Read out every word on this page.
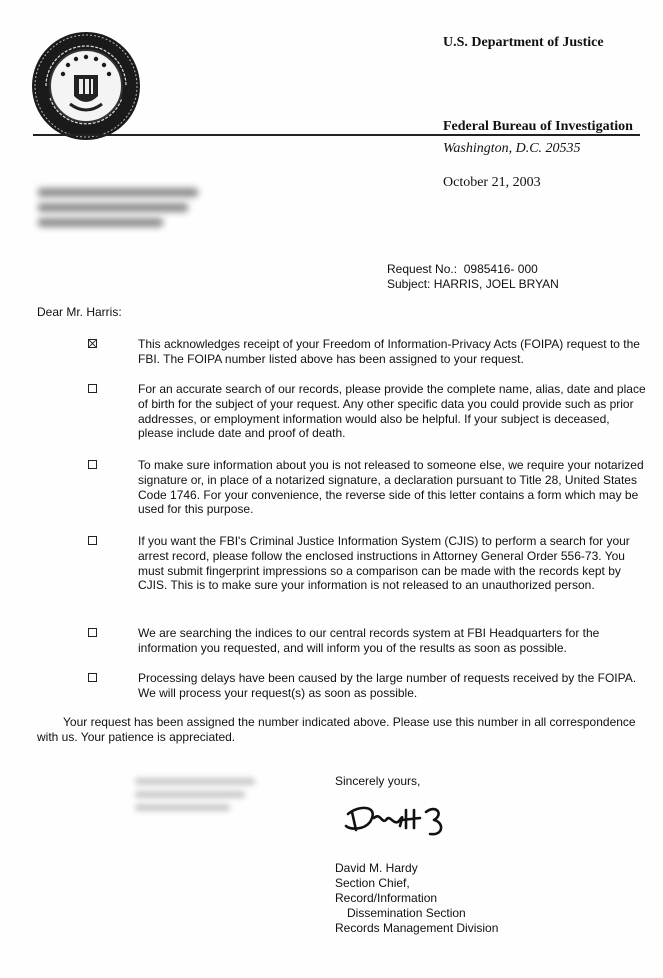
U.S. Department of Justice
Federal Bureau of Investigation
Washington, D.C. 20535
October 21, 2003
Request No.: 0985416- 000
Subject: HARRIS, JOEL BRYAN
Dear Mr. Harris:
This acknowledges receipt of your Freedom of Information-Privacy Acts (FOIPA) request to the FBI. The FOIPA number listed above has been assigned to your request.
For an accurate search of our records, please provide the complete name, alias, date and place of birth for the subject of your request. Any other specific data you could provide such as prior addresses, or employment information would also be helpful. If your subject is deceased, please include date and proof of death.
To make sure information about you is not released to someone else, we require your notarized signature or, in place of a notarized signature, a declaration pursuant to Title 28, United States Code 1746. For your convenience, the reverse side of this letter contains a form which may be used for this purpose.
If you want the FBI's Criminal Justice Information System (CJIS) to perform a search for your arrest record, please follow the enclosed instructions in Attorney General Order 556-73. You must submit fingerprint impressions so a comparison can be made with the records kept by CJIS. This is to make sure your information is not released to an unauthorized person.
We are searching the indices to our central records system at FBI Headquarters for the information you requested, and will inform you of the results as soon as possible.
Processing delays have been caused by the large number of requests received by the FOIPA. We will process your request(s) as soon as possible.
Your request has been assigned the number indicated above. Please use this number in all correspondence with us. Your patience is appreciated.
Sincerely yours,
David M. Hardy
Section Chief,
Record/Information
Dissemination Section
Records Management Division
